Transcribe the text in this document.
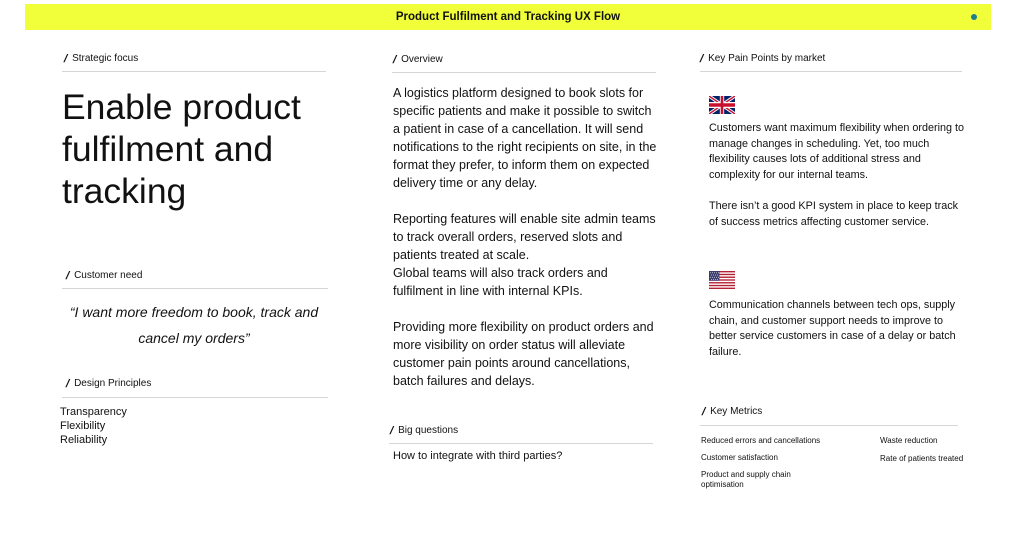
Product Fulfilment and Tracking UX Flow
/ Strategic focus
Enable product fulfilment and tracking
/ Customer need
“I want more freedom to book, track and cancel my orders”
/ Design Principles
Transparency
Flexibility
Reliability
/ Overview

A logistics platform designed to book slots for specific patients and make it possible to switch a patient in case of a cancellation. It will send notifications to the right recipients on site, in the format they prefer, to inform them on expected delivery time or any delay.

Reporting features will enable site admin teams to track overall orders, reserved slots and patients treated at scale.

Global teams will also track orders and fulfilment in line with internal KPIs.

Providing more flexibility on product orders and more visibility on order status will alleviate customer pain points around cancellations, batch failures and delays.

/ Big questions
How to integrate with third parties?
/ Key Pain Points by market

Customers want maximum flexibility when ordering to manage changes in scheduling. Yet, too much flexibility causes lots of additional stress and complexity for our internal teams.

There isn’t a good KPI system in place to keep track of success metrics affecting customer service.

Communication channels between tech ops, supply chain, and customer support needs to improve to better service customers in case of a delay or batch failure.

/ Key Metrics
Reduced errors and cancellations
Customer satisfaction
Product and supply chain optimisation
Waste reduction
Rate of patients treated
